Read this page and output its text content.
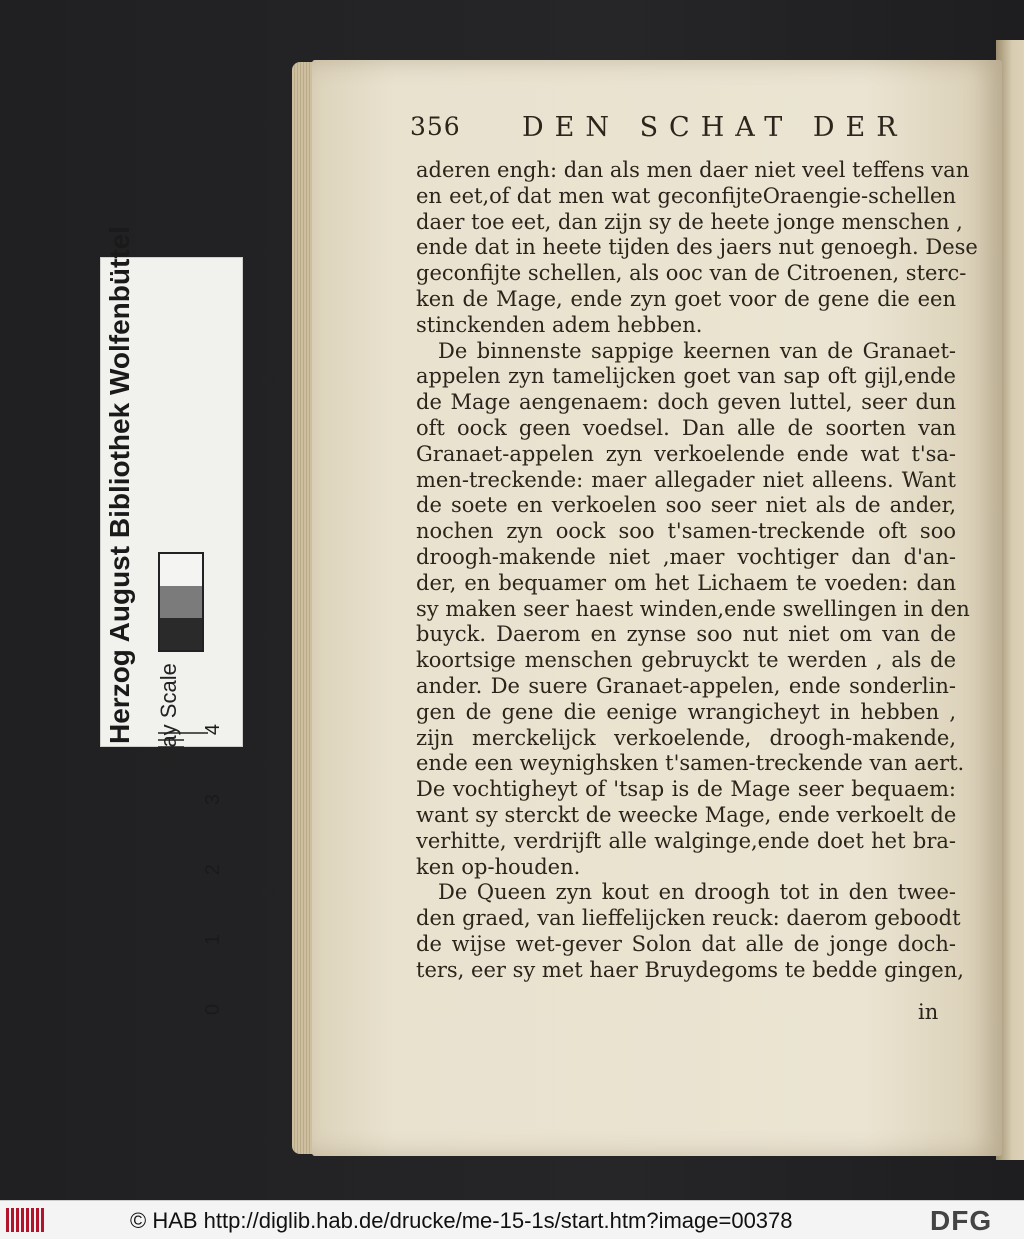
356 DEN SCHAT DER
aderen engh: dan als men daer niet veel teffens van
en eet,of dat men wat geconfijteOraengie-schellen
daer toe eet, dan zijn sy de heete jonge menschen ,
ende dat in heete tijden des jaers nut genoegh. Dese
geconfijte schellen, als ooc van de Citroenen, sterc-
ken de Mage, ende zyn goet voor de gene die een
stinckenden adem hebben.
De binnenste sappige keernen van de Granaet-
appelen zyn tamelijcken goet van sap oft gijl,ende
de Mage aengenaem: doch geven luttel, seer dun
oft oock geen voedsel. Dan alle de soorten van
Granaet-appelen zyn verkoelende ende wat t'sa-
men-treckende: maer allegader niet alleens. Want
de soete en verkoelen soo seer niet als de ander,
nochen zyn oock soo t'samen-treckende oft soo
droogh-makende niet ,maer vochtiger dan d'an-
der, en bequamer om het Lichaem te voeden: dan
sy maken seer haest winden,ende swellingen in den
buyck. Daerom en zynse soo nut niet om van de
koortsige menschen gebruyckt te werden , als de
ander. De suere Granaet-appelen, ende sonderlin-
gen de gene die eenige wrangicheyt in hebben ,
zijn merckelijck verkoelende, droogh-makende,
ende een weynighsken t'samen-treckende van aert.
De vochtigheyt of 'tsap is de Mage seer bequaem:
want sy sterckt de weecke Mage, ende verkoelt de
verhitte, verdrijft alle walginge,ende doet het bra-
ken op-houden.
De Queen zyn kout en droogh tot in den twee-
den graed, van lieffelijcken reuck: daerom geboodt
de wijse wet-gever Solon dat alle de jonge doch-
ters, eer sy met haer Bruydegoms te bedde gingen,
in
Herzog August Bibliothek Wolfenbüttel Gray Scale
0
1
2
3
4
© HAB http://diglib.hab.de/drucke/me-15-1s/start.htm?image=00378	DFG
